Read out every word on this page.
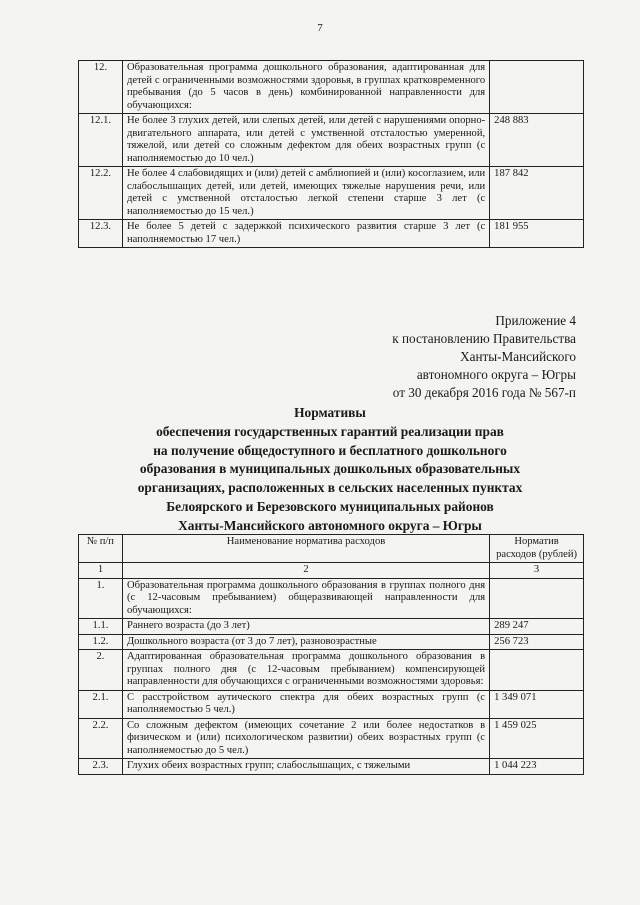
7
12.	Образовательная программа дошкольного образования, адаптированная для детей с ограниченными возможностями здоровья, в группах кратковременного пребывания (до 5 часов в день) комбинированной направленности для обучающихся:	
12.1.	Не более 3 глухих детей, или слепых детей, или детей с нарушениями опорно-двигательного аппарата, или детей с умственной отсталостью умеренной, тяжелой, или детей со сложным дефектом для обеих возрастных групп (с наполняемостью до 10 чел.)	248 883
12.2.	Не более 4 слабовидящих и (или) детей с амблиопией и (или) косоглазием, или слабослышащих детей, или детей, имеющих тяжелые нарушения речи, или детей с умственной отсталостью легкой степени старше 3 лет (с наполняемостью до 15 чел.)	187 842
12.3.	Не более 5 детей с задержкой психического развития старше 3 лет (с наполняемостью 17 чел.)	181 955
Приложение 4
к постановлению Правительства
Ханты-Мансийского
автономного округа – Югры
от 30 декабря 2016 года № 567-п
Нормативы
обеспечения государственных гарантий реализации прав
на получение общедоступного и бесплатного дошкольного
образования в муниципальных дошкольных образовательных
организациях, расположенных в сельских населенных пунктах
Белоярского и Березовского муниципальных районов
Ханты-Мансийского автономного округа – Югры
№ п/п	Наименование норматива расходов	Норматив расходов (рублей)
1	2	3
1.	Образовательная программа дошкольного образования в группах полного дня (с 12-часовым пребыванием) общеразвивающей направленности для обучающихся:	
1.1.	Раннего возраста (до 3 лет)	289 247
1.2.	Дошкольного возраста (от 3 до 7 лет), разновозрастные	256 723
2.	Адаптированная образовательная программа дошкольного образования в группах полного дня (с 12-часовым пребыванием) компенсирующей направленности для обучающихся с ограниченными возможностями здоровья:	
2.1.	С расстройством аутического спектра для обеих возрастных групп (с наполняемостью 5 чел.)	1 349 071
2.2.	Со сложным дефектом (имеющих сочетание 2 или более недостатков в физическом и (или) психологическом развитии) обеих возрастных групп (с наполняемостью до 5 чел.)	1 459 025
2.3.	Глухих обеих возрастных групп; слабослышащих, с тяжелыми	1 044 223
